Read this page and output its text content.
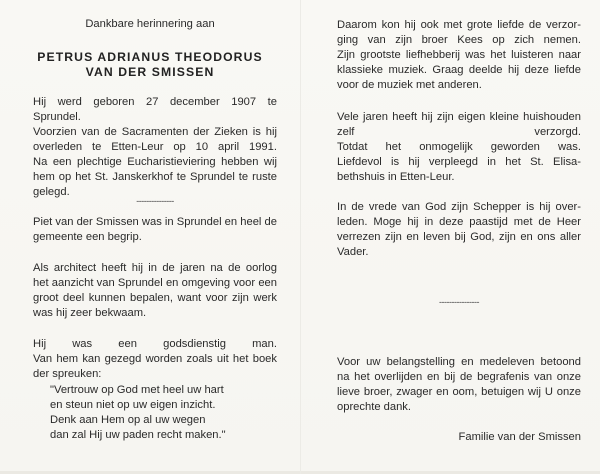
Dankbare herinnering aan
PETRUS ADRIANUS THEODORUS
VAN DER SMISSEN
Hij werd geboren 27 december 1907 te Sprundel.
Voorzien van de Sacramenten der Zieken is hij
overleden te Etten-Leur op 10 april 1991.
Na een plechtige Eucharistieviering hebben wij
hem op het St. Janskerkhof te Sprundel te ruste
gelegd.
---------------
Piet van der Smissen was in Sprundel en heel de
gemeente een begrip.
Als architect heeft hij in de jaren na de oorlog
het aanzicht van Sprundel en omgeving voor een
groot deel kunnen bepalen, want voor zijn werk
was hij zeer bekwaam.
Hij was een godsdienstig man.
Van hem kan gezegd worden zoals uit het boek
der spreuken:
"Vertrouw op God met heel uw hart
en steun niet op uw eigen inzicht.
Denk aan Hem op al uw wegen
dan zal Hij uw paden recht maken."
Daarom kon hij ook met grote liefde de verzor-
ging van zijn broer Kees op zich nemen.
Zijn grootste liefhebberij was het luisteren naar
klassieke muziek. Graag deelde hij deze liefde
voor de muziek met anderen.
Vele jaren heeft hij zijn eigen kleine huishouden
zelf verzorgd.
Totdat het onmogelijk geworden was.
Liefdevol is hij verpleegd in het St. Elisa-
bethshuis in Etten-Leur.
In de vrede van God zijn Schepper is hij over-
leden. Moge hij in deze paastijd met de Heer
verrezen zijn en leven bij God, zijn en ons aller
Vader.
----------------
Voor uw belangstelling en medeleven betoond
na het overlijden en bij de begrafenis van onze
lieve broer, zwager en oom, betuigen wij U onze
oprechte dank.
Familie van der Smissen
